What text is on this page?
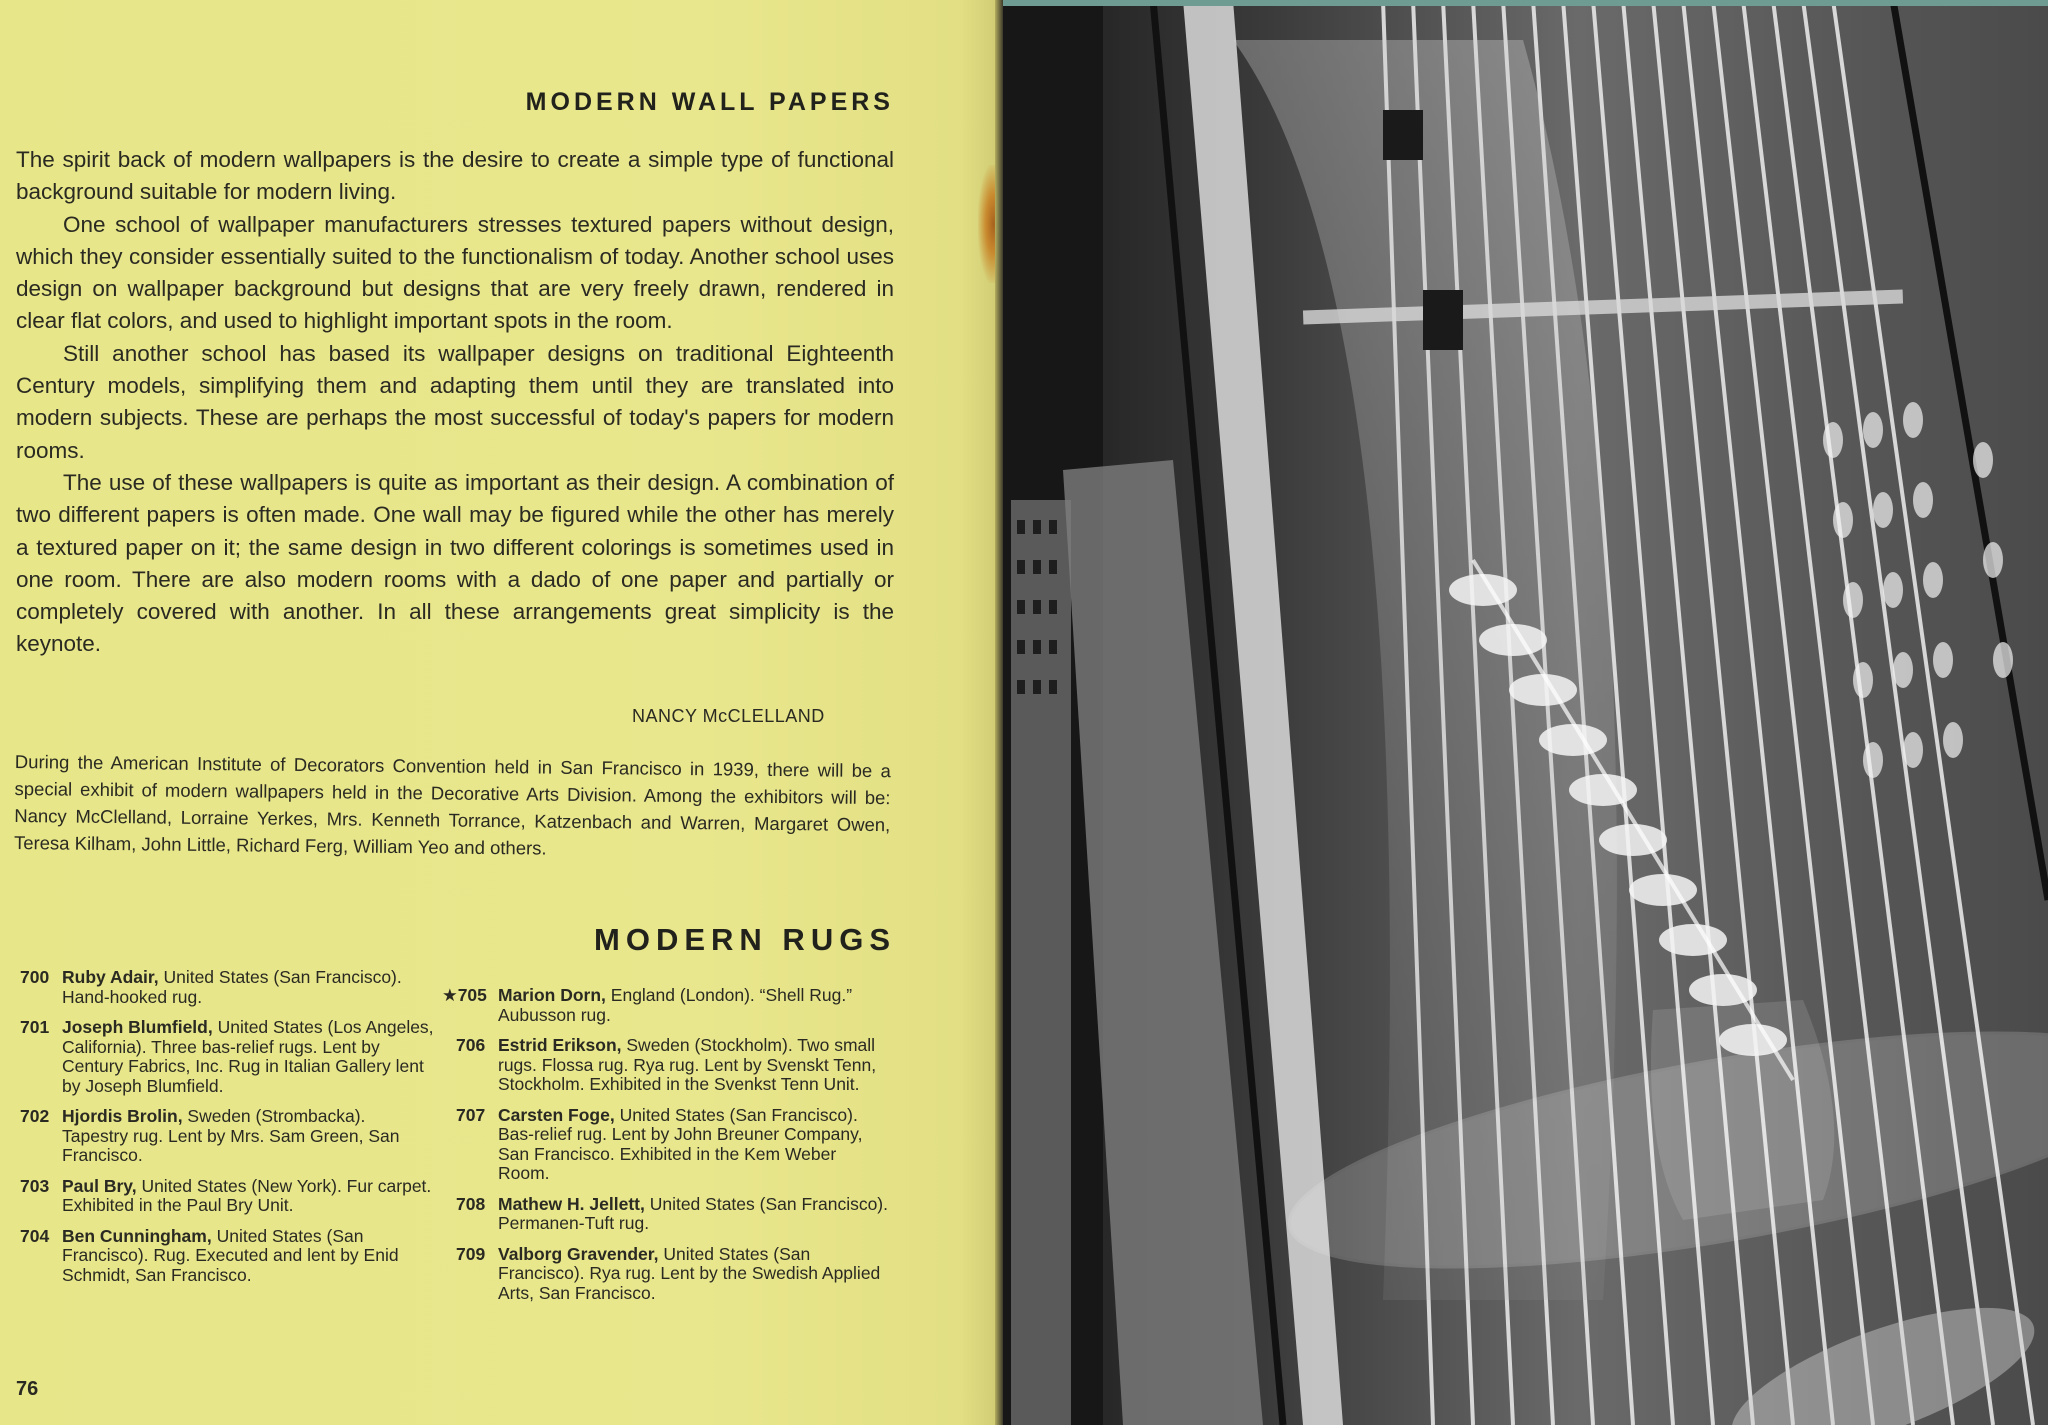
MODERN WALL PAPERS

The spirit back of modern wallpapers is the desire to create a simple type of functional background suitable for modern living.

One school of wallpaper manufacturers stresses textured papers without design, which they consider essentially suited to the functionalism of today. Another school uses design on wallpaper background but designs that are very freely drawn, rendered in clear flat colors, and used to highlight important spots in the room.

Still another school has based its wallpaper designs on traditional Eighteenth Century models, simplifying them and adapting them until they are translated into modern subjects. These are perhaps the most successful of today's papers for modern rooms.

The use of these wallpapers is quite as important as their design. A combination of two different papers is often made. One wall may be figured while the other has merely a textured paper on it; the same design in two different colorings is sometimes used in one room. There are also modern rooms with a dado of one paper and partially or completely covered with another. In all these arrangements great simplicity is the keynote.

NANCY McCLELLAND
During the American Institute of Decorators Convention held in San Francisco in 1939, there will be a special exhibit of modern wallpapers held in the Decorative Arts Division. Among the exhibitors will be: Nancy McClelland, Lorraine Yerkes, Mrs. Kenneth Torrance, Katzenbach and Warren, Margaret Owen, Teresa Kilham, John Little, Richard Ferg, William Yeo and others.
MODERN RUGS
700 Ruby Adair, United States (San Francisco). Hand-hooked rug.
701 Joseph Blumfield, United States (Los Angeles, California). Three bas-relief rugs. Lent by Century Fabrics, Inc. Rug in Italian Gallery lent by Joseph Blumfield.
702 Hjordis Brolin, Sweden (Strombacka). Tapestry rug. Lent by Mrs. Sam Green, San Francisco.
703 Paul Bry, United States (New York). Fur carpet. Exhibited in the Paul Bry Unit.
704 Ben Cunningham, United States (San Francisco). Rug. Executed and lent by Enid Schmidt, San Francisco.
★705 Marion Dorn, England (London). “Shell Rug.” Aubusson rug.
706 Estrid Erikson, Sweden (Stockholm). Two small rugs. Flossa rug. Rya rug. Lent by Svenskt Tenn, Stockholm. Exhibited in the Svenkst Tenn Unit.
707 Carsten Foge, United States (San Francisco). Bas-relief rug. Lent by John Breuner Company, San Francisco. Exhibited in the Kem Weber Room.
708 Mathew H. Jellett, United States (San Francisco). Permanen-Tuft rug.
709 Valborg Gravender, United States (San Francisco). Rya rug. Lent by the Swedish Applied Arts, San Francisco.
76
